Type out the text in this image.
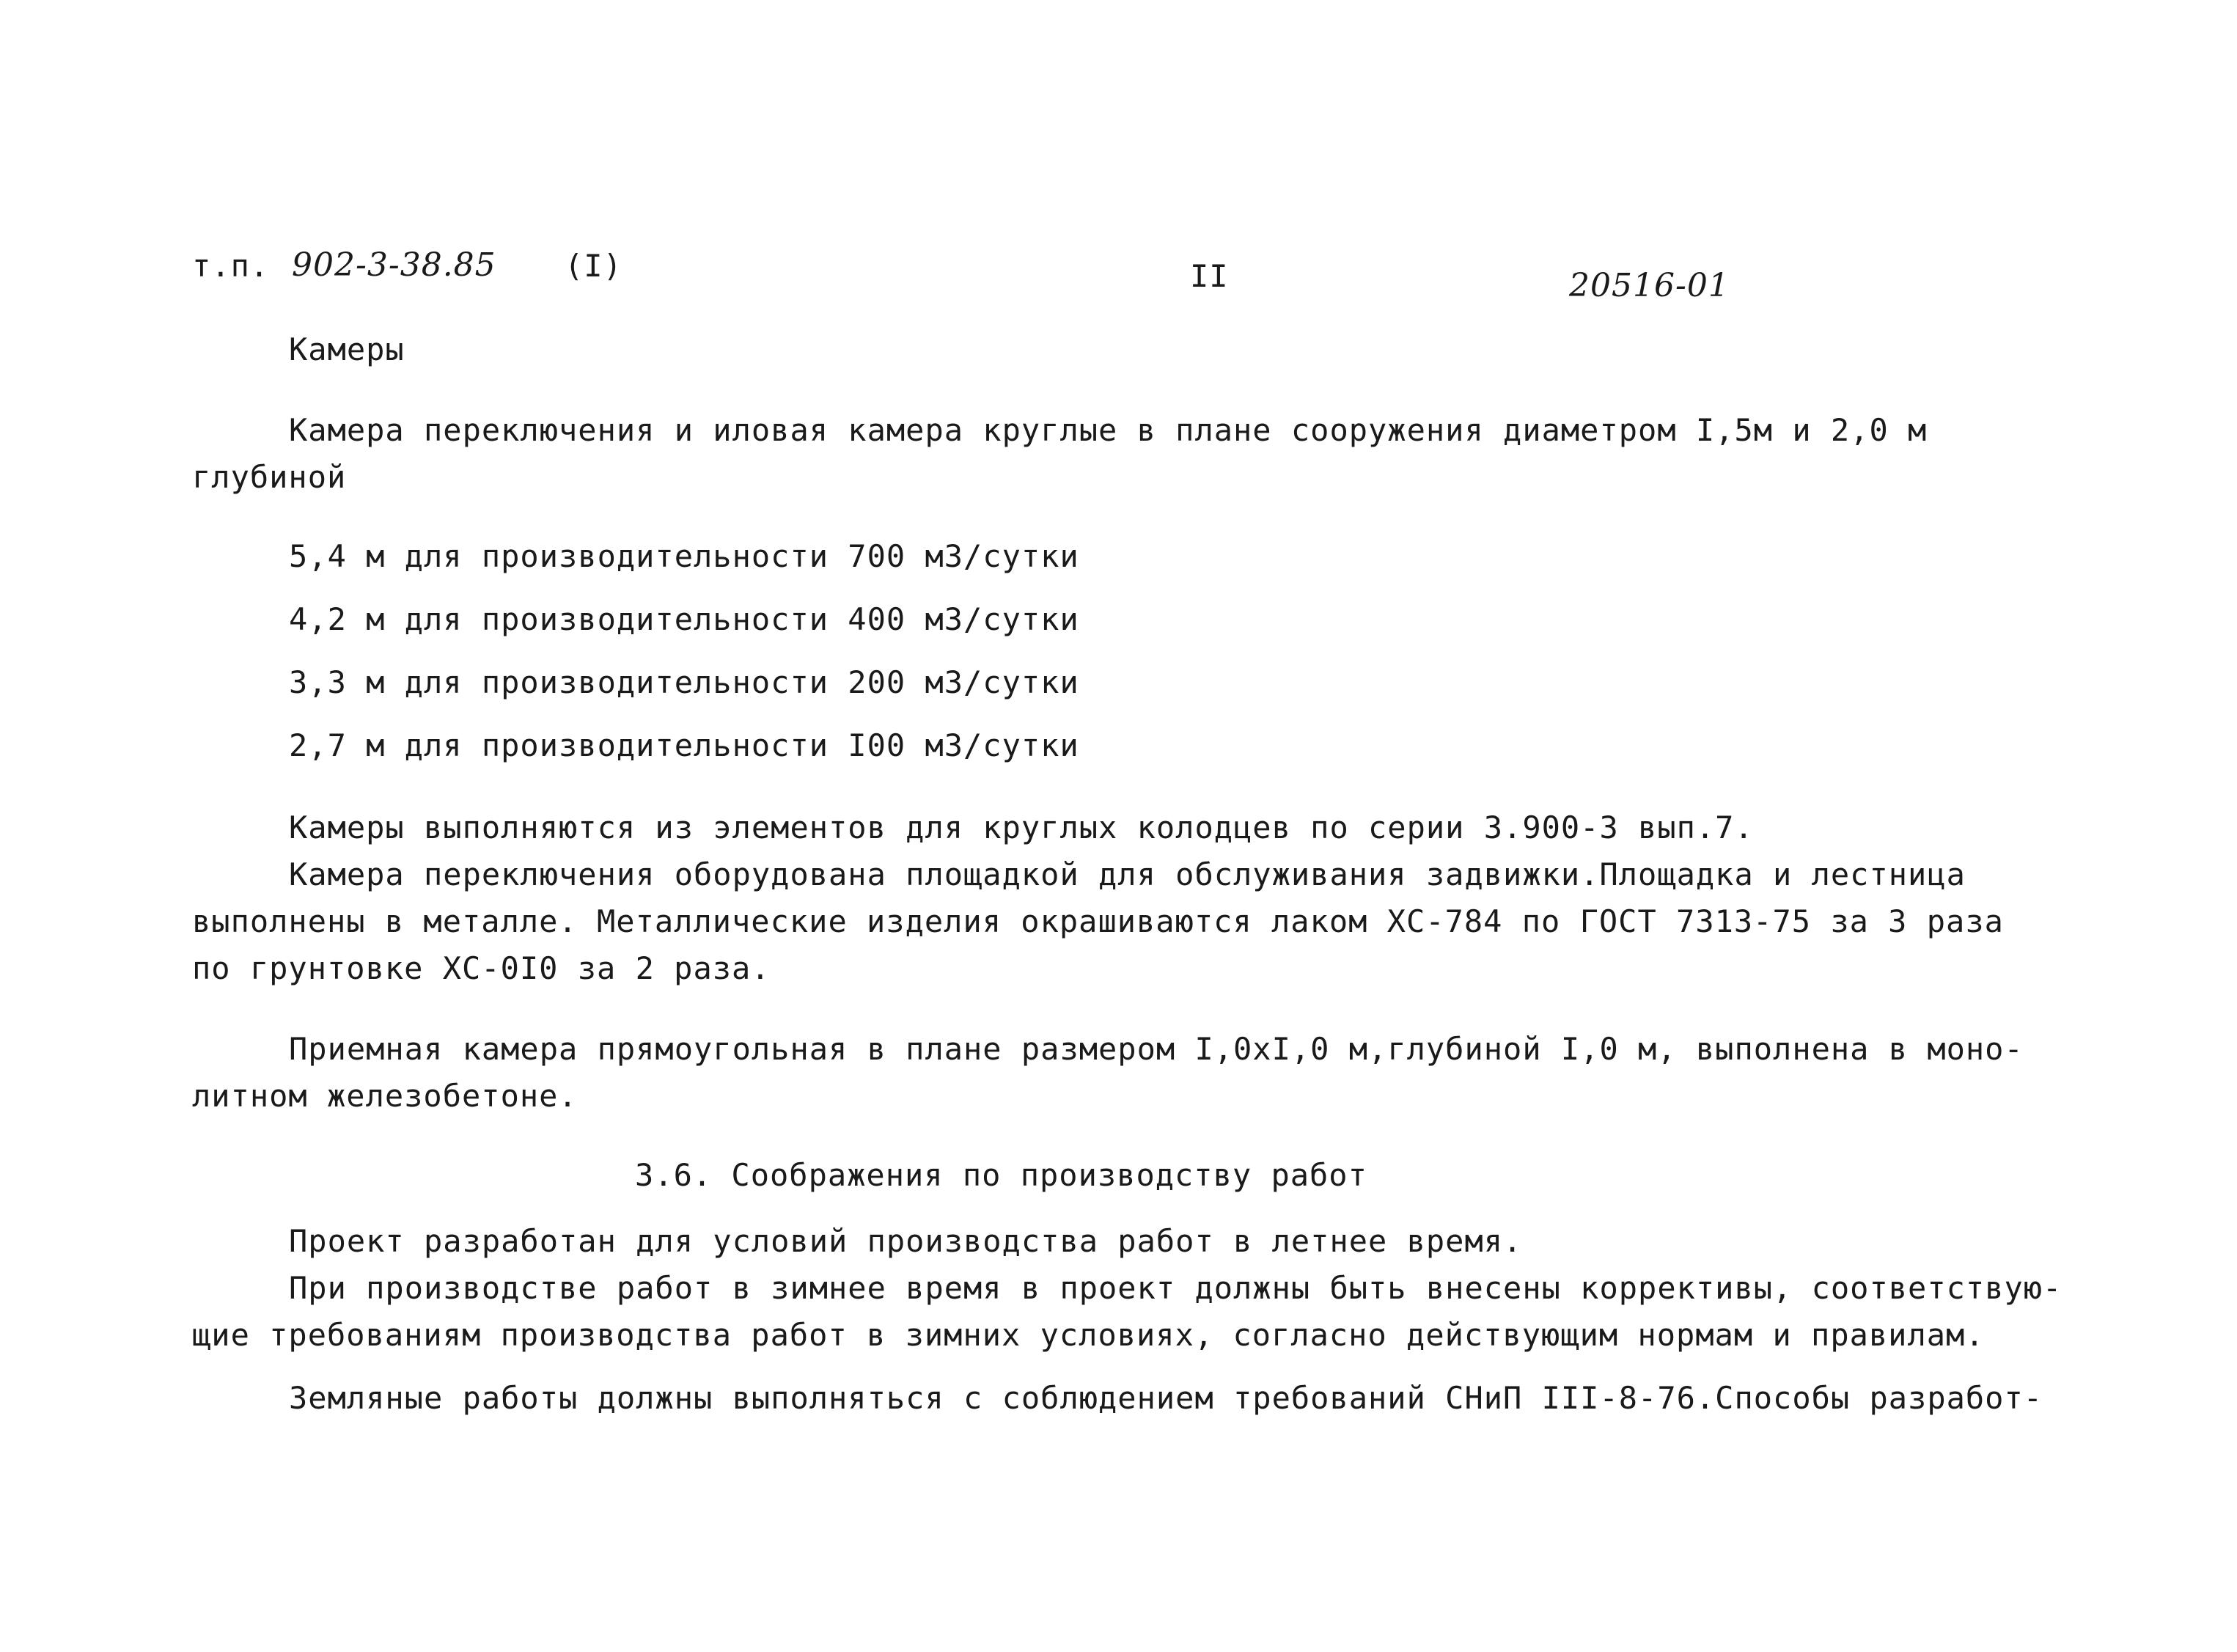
т.п. 902-3-38.85 (I)	II	20516-01
Камеры
Камера переключения и иловая камера круглые в плане сооружения диаметром I,5м и 2,0 м
глубиной
5,4 м для производительности 700 м3/сутки
4,2 м для производительности 400 м3/сутки
3,3 м для производительности 200 м3/сутки
2,7 м для производительности I00 м3/сутки
Камеры выполняются из элементов для круглых колодцев по серии 3.900-3 вып.7.
Камера переключения оборудована площадкой для обслуживания задвижки.Площадка и лестница
выполнены в металле. Металлические изделия окрашиваются лаком ХС-784 по ГОСТ 7313-75 за 3 раза
по грунтовке ХС-0I0 за 2 раза.
Приемная камера прямоугольная в плане размером I,0хI,0 м,глубиной I,0 м, выполнена в моно-
литном железобетоне.
3.6. Соображения по производству работ
Проект разработан для условий производства работ в летнее время.
При производстве работ в зимнее время в проект должны быть внесены коррективы, соответствую-
щие требованиям производства работ в зимних условиях, согласно действующим нормам и правилам.
Земляные работы должны выполняться с соблюдением требований СНиП III-8-76.Способы разработ-
